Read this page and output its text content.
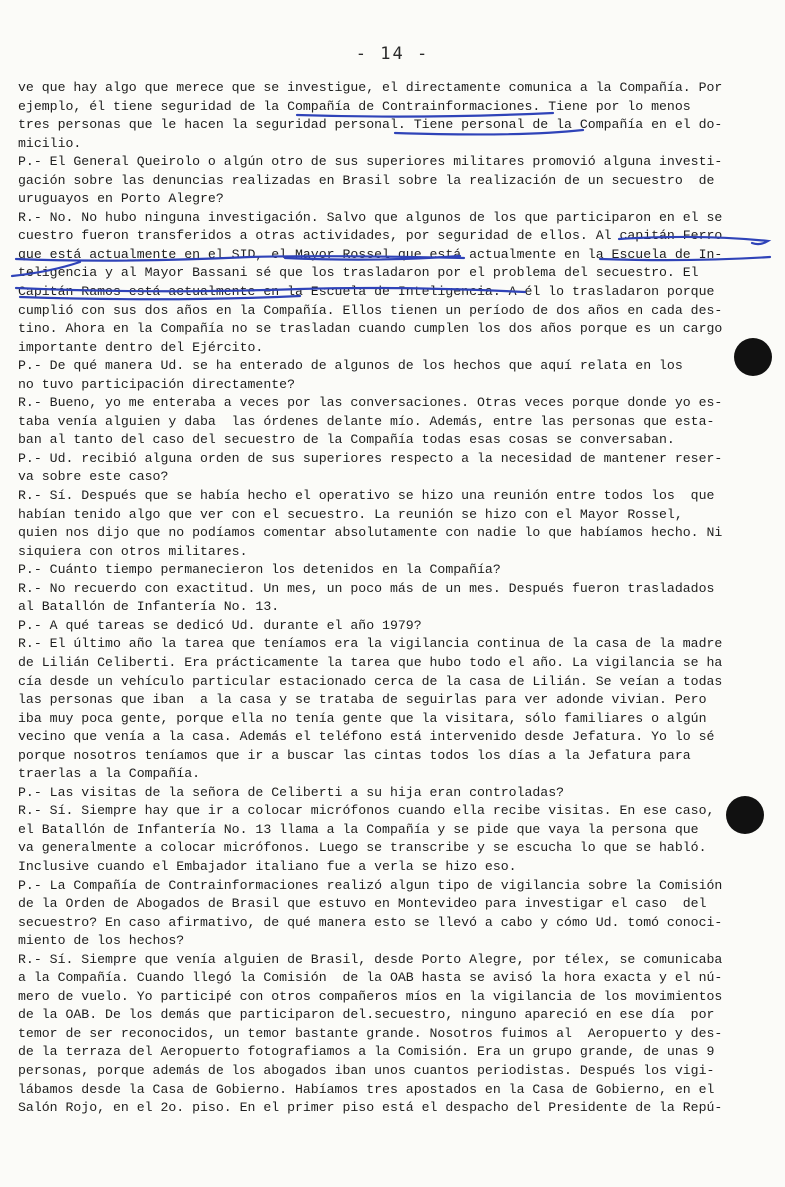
- 14 -
ve que hay algo que merece que se investigue, el directamente comunica a la Compañía. Por
ejemplo, él tiene seguridad de la Compañía de Contrainformaciones. Tiene por lo menos
tres personas que le hacen la seguridad personal. Tiene personal de la Compañía en el do-
micilio.
P.- El General Queirolo o algún otro de sus superiores militares promovió alguna investi-
gación sobre las denuncias realizadas en Brasil sobre la realización de un secuestro  de
uruguayos en Porto Alegre?
R.- No. No hubo ninguna investigación. Salvo que algunos de los que participaron en el se
cuestro fueron transferidos a otras actividades, por seguridad de ellos. Al capitán Ferro
que está actualmente en el SID, el Mayor Rossel que está actualmente en la Escuela de In-
teligencia y al Mayor Bassani sé que los trasladaron por el problema del secuestro. El
Capitán Ramos está actualmente en la Escuela de Inteligencia. A él lo trasladaron porque
cumplió con sus dos años en la Compañía. Ellos tienen un período de dos años en cada des-
tino. Ahora en la Compañía no se trasladan cuando cumplen los dos años porque es un cargo
importante dentro del Ejército.
P.- De qué manera Ud. se ha enterado de algunos de los hechos que aquí relata en los
no tuvo participación directamente?
R.- Bueno, yo me enteraba a veces por las conversaciones. Otras veces porque donde yo es-
taba venía alguien y daba  las órdenes delante mío. Además, entre las personas que esta-
ban al tanto del caso del secuestro de la Compañía todas esas cosas se conversaban.
P.- Ud. recibió alguna orden de sus superiores respecto a la necesidad de mantener reser-
va sobre este caso?
R.- Sí. Después que se había hecho el operativo se hizo una reunión entre todos los  que
habían tenido algo que ver con el secuestro. La reunión se hizo con el Mayor Rossel,
quien nos dijo que no podíamos comentar absolutamente con nadie lo que habíamos hecho. Ni
siquiera con otros militares.
P.- Cuánto tiempo permanecieron los detenidos en la Compañía?
R.- No recuerdo con exactitud. Un mes, un poco más de un mes. Después fueron trasladados
al Batallón de Infantería No. 13.
P.- A qué tareas se dedicó Ud. durante el año 1979?
R.- El último año la tarea que teníamos era la vigilancia continua de la casa de la madre
de Lilián Celiberti. Era prácticamente la tarea que hubo todo el año. La vigilancia se ha
cía desde un vehículo particular estacionado cerca de la casa de Lilián. Se veían a todas
las personas que iban  a la casa y se trataba de seguirlas para ver adonde vivian. Pero
iba muy poca gente, porque ella no tenía gente que la visitara, sólo familiares o algún
vecino que venía a la casa. Además el teléfono está intervenido desde Jefatura. Yo lo sé
porque nosotros teníamos que ir a buscar las cintas todos los días a la Jefatura para
traerlas a la Compañía.
P.- Las visitas de la señora de Celiberti a su hija eran controladas?
R.- Sí. Siempre hay que ir a colocar micrófonos cuando ella recibe visitas. En ese caso,
el Batallón de Infantería No. 13 llama a la Compañía y se pide que vaya la persona que
va generalmente a colocar micrófonos. Luego se transcribe y se escucha lo que se habló.
Inclusive cuando el Embajador italiano fue a verla se hizo eso.
P.- La Compañía de Contrainformaciones realizó algun tipo de vigilancia sobre la Comisión
de la Orden de Abogados de Brasil que estuvo en Montevideo para investigar el caso  del
secuestro? En caso afirmativo, de qué manera esto se llevó a cabo y cómo Ud. tomó conoci-
miento de los hechos?
R.- Sí. Siempre que venía alguien de Brasil, desde Porto Alegre, por télex, se comunicaba
a la Compañía. Cuando llegó la Comisión  de la OAB hasta se avisó la hora exacta y el nú-
mero de vuelo. Yo participé con otros compañeros míos en la vigilancia de los movimientos
de la OAB. De los demás que participaron del.secuestro, ninguno apareció en ese día  por
temor de ser reconocidos, un temor bastante grande. Nosotros fuimos al  Aeropuerto y des-
de la terraza del Aeropuerto fotografiamos a la Comisión. Era un grupo grande, de unas 9
personas, porque además de los abogados iban unos cuantos periodistas. Después los vigi-
lábamos desde la Casa de Gobierno. Habíamos tres apostados en la Casa de Gobierno, en el
Salón Rojo, en el 2o. piso. En el primer piso está el despacho del Presidente de la Repú-
